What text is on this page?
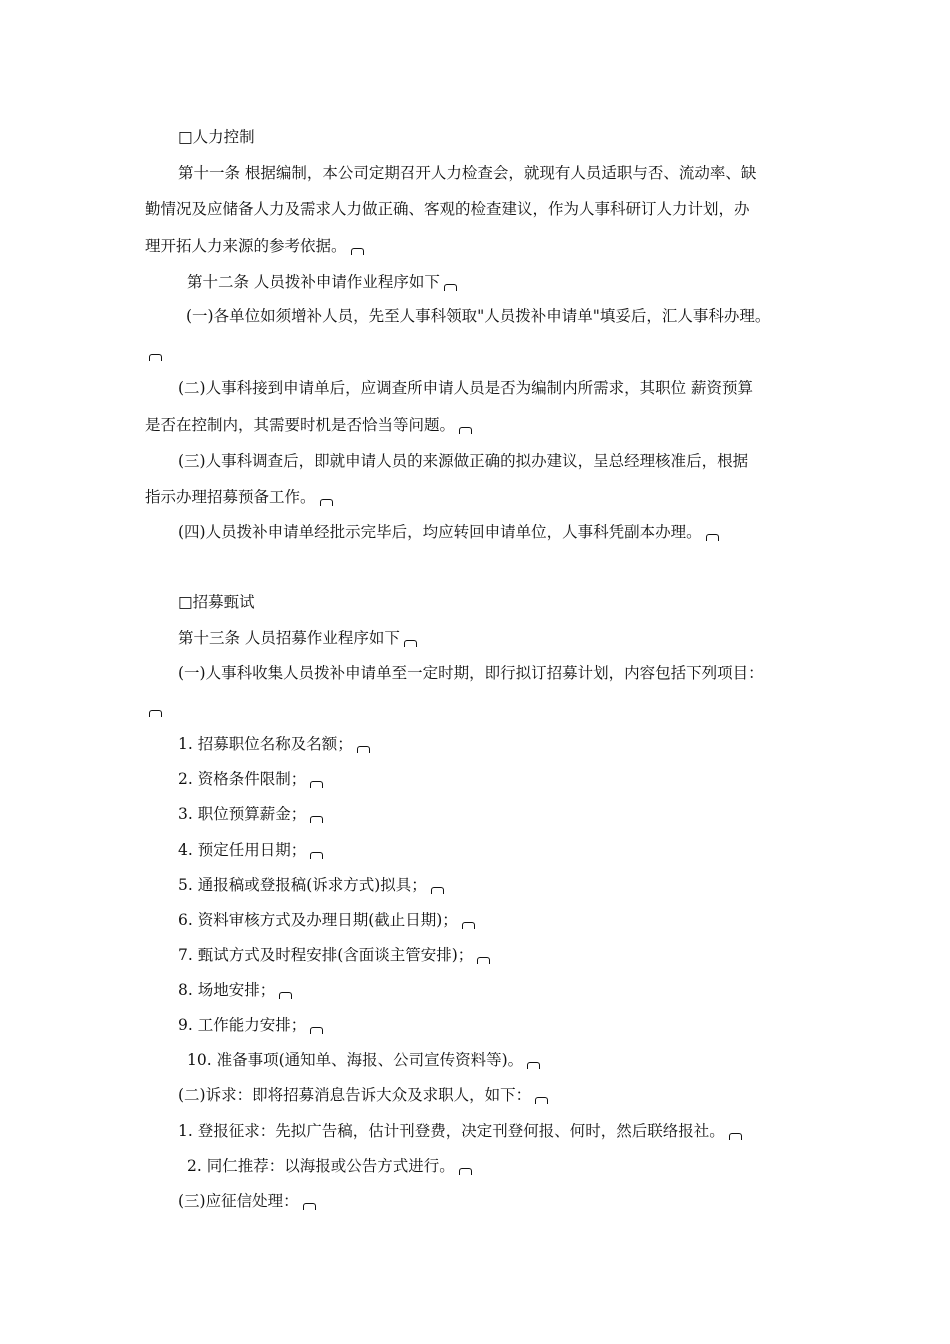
□人力控制
第十一条 根据编制，本公司定期召开人力检查会，就现有人员适职与否、流动率、缺
勤情况及应储备人力及需求人力做正确、客观的检查建议，作为人事科研订人力计划，办
理开拓人力来源的参考依据。
第十二条 人员拨补申请作业程序如下
(一)各单位如须增补人员，先至人事科领取"人员拨补申请单"填妥后，汇人事科办理。
(二)人事科接到申请单后，应调查所申请人员是否为编制内所需求，其职位 薪资预算
是否在控制内，其需要时机是否恰当等问题。
(三)人事科调查后，即就申请人员的来源做正确的拟办建议，呈总经理核准后，根据
指示办理招募预备工作。
(四)人员拨补申请单经批示完毕后，均应转回申请单位，人事科凭副本办理。
□招募甄试
第十三条 人员招募作业程序如下
(一)人事科收集人员拨补申请单至一定时期，即行拟订招募计划，内容包括下列项目：
1. 招募职位名称及名额；
2. 资格条件限制；
3. 职位预算薪金；
4. 预定任用日期；
5. 通报稿或登报稿(诉求方式)拟具；
6. 资料审核方式及办理日期(截止日期)；
7. 甄试方式及时程安排(含面谈主管安排)；
8. 场地安排；
9. 工作能力安排；
10. 准备事项(通知单、海报、公司宣传资料等)。
(二)诉求：即将招募消息告诉大众及求职人，如下：
1. 登报征求：先拟广告稿，估计刊登费，决定刊登何报、何时，然后联络报社。
2. 同仁推荐：以海报或公告方式进行。
(三)应征信处理：
